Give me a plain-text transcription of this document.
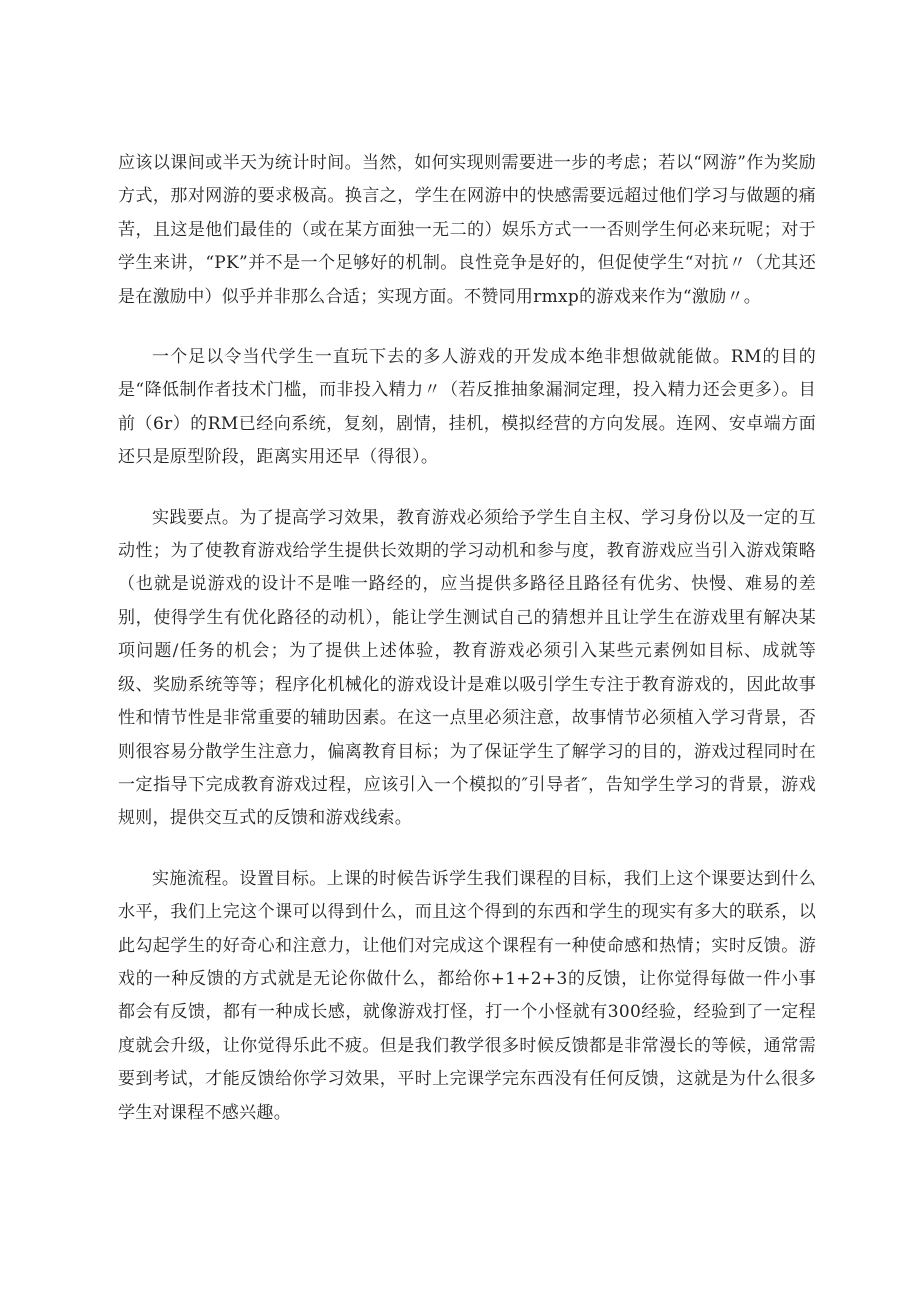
应该以课间或半天为统计时间。当然，如何实现则需要进一步的考虑；若以“网游”作为奖励方式，那对网游的要求极高。换言之，学生在网游中的快感需要远超过他们学习与做题的痛苦，且这是他们最佳的（或在某方面独一无二的）娱乐方式一一否则学生何必来玩呢；对于学生来讲，“PK”并不是一个足够好的机制。良性竞争是好的，但促使学生“对抗〃（尤其还是在激励中）似乎并非那么合适；实现方面。不赞同用rmxp的游戏来作为“激励〃。

一个足以令当代学生一直玩下去的多人游戏的开发成本绝非想做就能做。RM的目的是“降低制作者技术门槛，而非投入精力〃（若反推抽象漏洞定理，投入精力还会更多）。目前（6r）的RM已经向系统，复刻，剧情，挂机，模拟经营的方向发展。连网、安卓端方面还只是原型阶段，距离实用还早（得很）。

实践要点。为了提高学习效果，教育游戏必须给予学生自主权、学习身份以及一定的互动性；为了使教育游戏给学生提供长效期的学习动机和参与度，教育游戏应当引入游戏策略（也就是说游戏的设计不是唯一路经的，应当提供多路径且路径有优劣、快慢、难易的差别，使得学生有优化路径的动机），能让学生测试自己的猜想并且让学生在游戏里有解决某项问题/任务的机会；为了提供上述体验，教育游戏必须引入某些元素例如目标、成就等级、奖励系统等等；程序化机械化的游戏设计是难以吸引学生专注于教育游戏的，因此故事性和情节性是非常重要的辅助因素。在这一点里必须注意，故事情节必须植入学习背景，否则很容易分散学生注意力，偏离教育目标；为了保证学生了解学习的目的，游戏过程同时在一定指导下完成教育游戏过程，应该引入一个模拟的″引导者″，告知学生学习的背景，游戏规则，提供交互式的反馈和游戏线索。

实施流程。设置目标。上课的时候告诉学生我们课程的目标，我们上这个课要达到什么水平，我们上完这个课可以得到什么，而且这个得到的东西和学生的现实有多大的联系，以此勾起学生的好奇心和注意力，让他们对完成这个课程有一种使命感和热情；实时反馈。游戏的一种反馈的方式就是无论你做什么，都给你+1+2+3的反馈，让你觉得每做一件小事都会有反馈，都有一种成长感，就像游戏打怪，打一个小怪就有300经验，经验到了一定程度就会升级，让你觉得乐此不疲。但是我们教学很多时候反馈都是非常漫长的等候，通常需要到考试，才能反馈给你学习效果，平时上完课学完东西没有任何反馈，这就是为什么很多学生对课程不感兴趣。
